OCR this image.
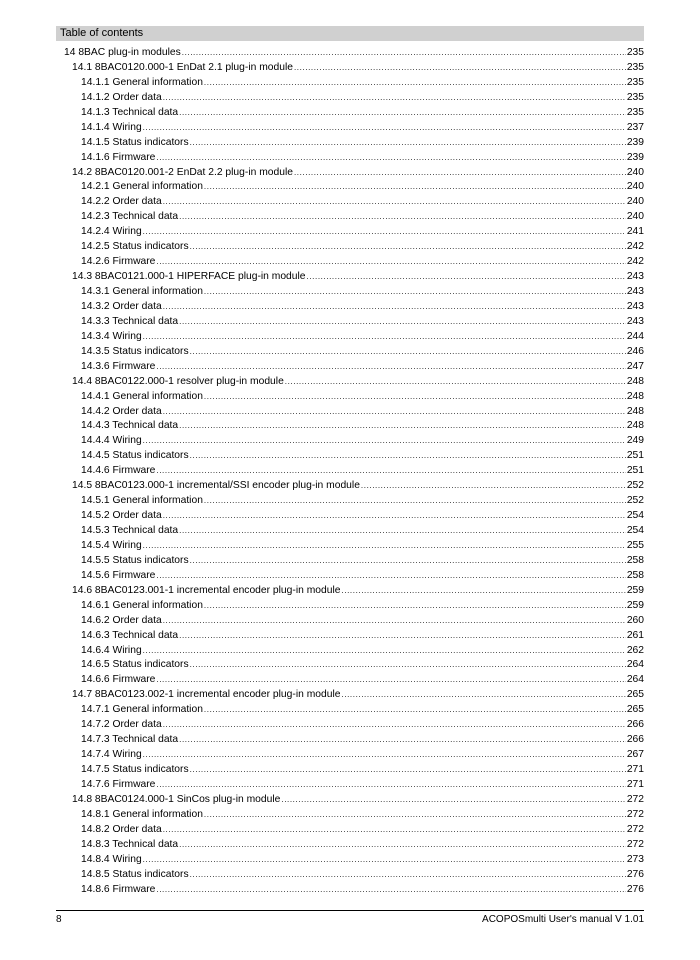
Table of contents
14 8BAC plug-in modules .....	235
14.1 8BAC0120.000-1 EnDat 2.1 plug-in module .....	235
14.1.1 General information .....	235
14.1.2 Order data .....	235
14.1.3 Technical data .....	235
14.1.4 Wiring .....	237
14.1.5 Status indicators .....	239
14.1.6 Firmware .....	239
14.2 8BAC0120.001-2 EnDat 2.2 plug-in module .....	240
14.2.1 General information .....	240
14.2.2 Order data .....	240
14.2.3 Technical data .....	240
14.2.4 Wiring .....	241
14.2.5 Status indicators .....	242
14.2.6 Firmware .....	242
14.3 8BAC0121.000-1 HIPERFACE plug-in module .....	243
14.3.1 General information .....	243
14.3.2 Order data .....	243
14.3.3 Technical data .....	243
14.3.4 Wiring .....	244
14.3.5 Status indicators .....	246
14.3.6 Firmware .....	247
14.4 8BAC0122.000-1 resolver plug-in module .....	248
14.4.1 General information .....	248
14.4.2 Order data .....	248
14.4.3 Technical data .....	248
14.4.4 Wiring .....	249
14.4.5 Status indicators .....	251
14.4.6 Firmware .....	251
14.5 8BAC0123.000-1 incremental/SSI encoder plug-in module .....	252
14.5.1 General information .....	252
14.5.2 Order data .....	254
14.5.3 Technical data .....	254
14.5.4 Wiring .....	255
14.5.5 Status indicators .....	258
14.5.6 Firmware .....	258
14.6 8BAC0123.001-1 incremental encoder plug-in module .....	259
14.6.1 General information .....	259
14.6.2 Order data .....	260
14.6.3 Technical data .....	261
14.6.4 Wiring .....	262
14.6.5 Status indicators .....	264
14.6.6 Firmware .....	264
14.7 8BAC0123.002-1 incremental encoder plug-in module .....	265
14.7.1 General information .....	265
14.7.2 Order data .....	266
14.7.3 Technical data .....	266
14.7.4 Wiring .....	267
14.7.5 Status indicators .....	271
14.7.6 Firmware .....	271
14.8 8BAC0124.000-1 SinCos plug-in module .....	272
14.8.1 General information .....	272
14.8.2 Order data .....	272
14.8.3 Technical data .....	272
14.8.4 Wiring .....	273
14.8.5 Status indicators .....	276
14.8.6 Firmware .....	276
8	ACOPOSmulti User's manual V 1.01
